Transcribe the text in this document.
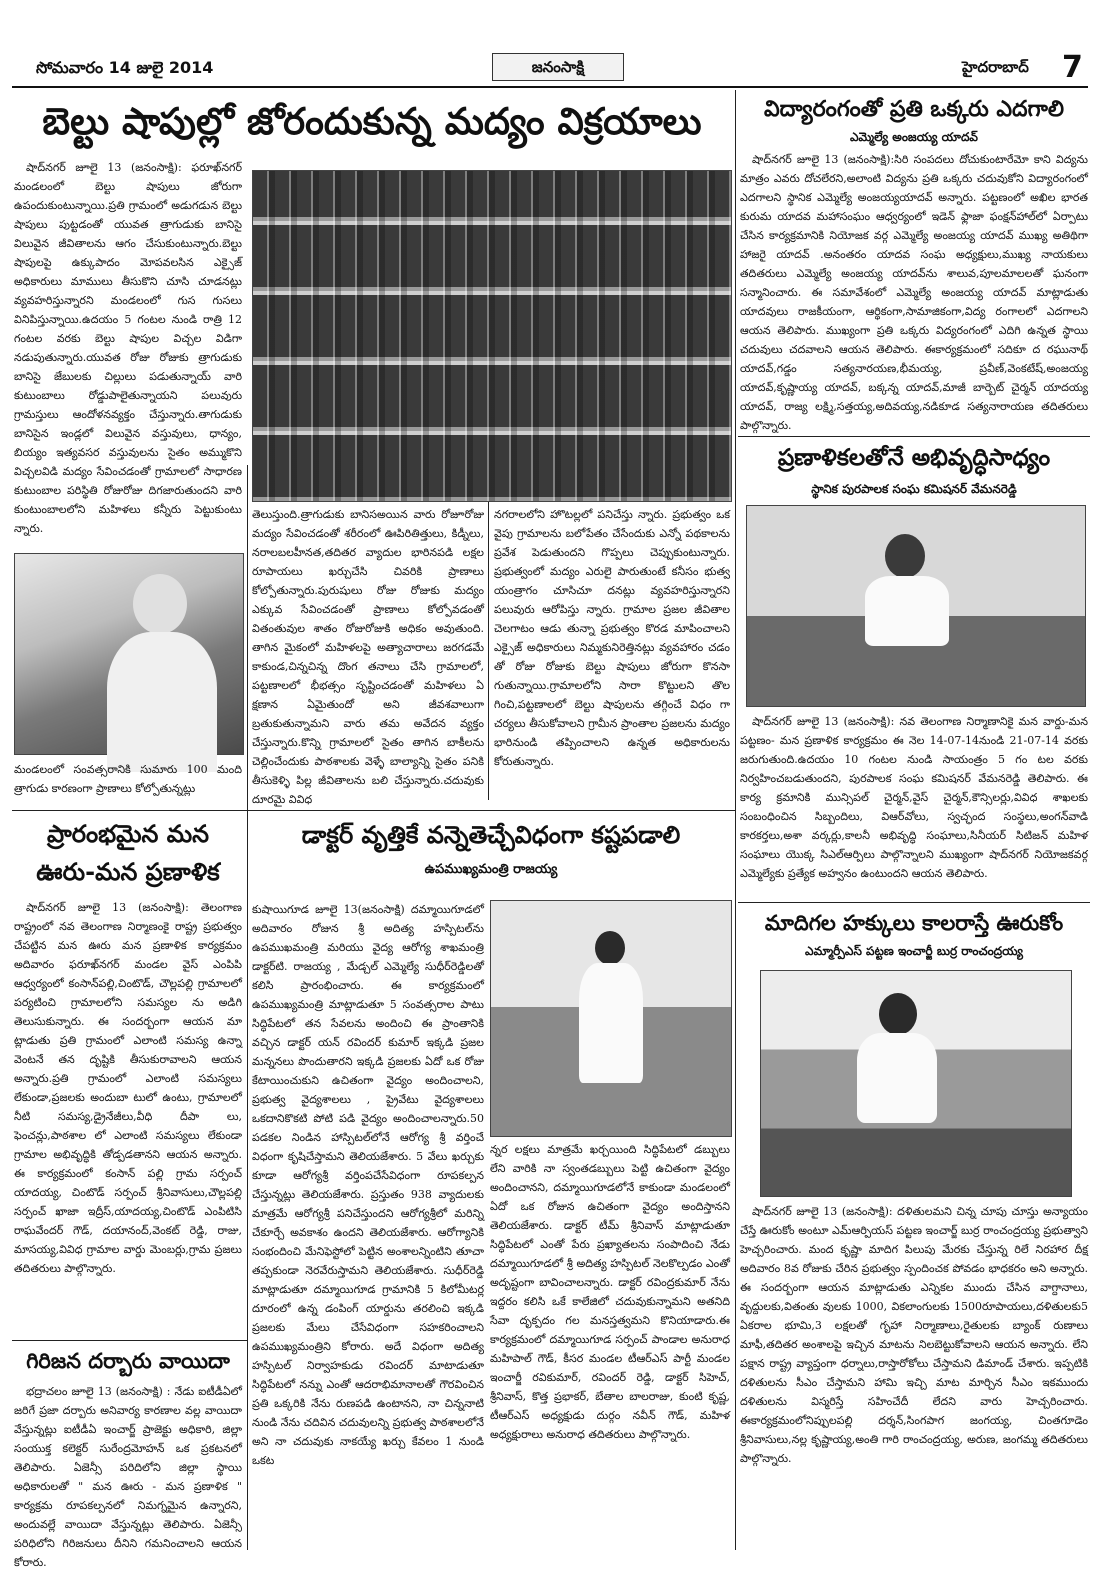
సోమవారం 14 జులై 2014	జనంసాక్షి	హైదరాబాద్ 7
బెల్టు షాపుల్లో జోరందుకున్న మద్యం విక్రయాలు

షాద్‌నగర్ జూలై 13 (జనంసాక్షి): ఫరూఖ్‌నగర్ మండలంలో బెల్టు షాపులు జోరుగా ఉపందుకుంటున్నాయి.ప్రతి గ్రామంలో అడుగడున బెల్టు షాపులు పుట్టడంతో యువత త్రాగుడుకు బానిసై విలువైన జీవితాలను ఆగం చేసుకుంటున్నారు.బెల్టు షాపులపై ఉక్కుపాదం మోపవలసిన ఎక్సైజ్ అధికారులు మాములు తీసుకొని చూసి చూడనట్లు వ్యవహరిస్తున్నారని మండలంలో గుస గుసలు వినిపిస్తున్నాయి.ఉదయం 5 గంటల నుండి రాత్రి 12 గంటల వరకు బెల్టు షాపుల విచ్చల విడిగా నడుపుతున్నారు.యువత రోజు రోజుకు త్రాగుడుకు బానిసై జేబులకు చిల్లులు పడుతున్నాయ్ వారి కుటుంబాలు రోడ్డుపాలైతున్నాయని పలువురు గ్రామస్తులు ఆందోళనవ్యక్తం చేస్తున్నారు.తాగుడుకు బానిసైన ఇండ్లలో విలువైన వస్తువులు, ధాన్యం, బియ్యం ఇత్యవసర వస్తువులను సైతం అమ్ముకొని విచ్చలవిడి మద్యం సేవించడంతో గ్రామాలలో సాధారణ కుటుంబాల పరిస్థితి రోజురోజు దిగజారుతుందని వారి కుంటుంబాలలోని మహిళలు కన్నీరు పెట్టుకుంటు న్నారు.

మండలంలో సంవత్సరానికి సుమారు 100 మంది త్రాగుడు కారణంగా ప్రాణాలు కోల్పోతున్నట్లు

తెలుస్తుంది.త్రాగుడుకు బానిసఅయిన వారు రోజూరోజు మద్యం సేవించడంతో శరీరంలో ఊపిరితిత్తులు, కిడ్నీలు, నరాలబలహీనత,తదితర వ్యాదుల భారినపడి లక్షల రూపాయలు ఖర్చుచేసి చివరికి ప్రాణాలు కోల్పోతున్నారు.పురుషులు రోజు రోజుకు మద్యం ఎక్కువ సేవించడంతో ప్రాణాలు కోల్పోవడంతో వితంతువుల శాతం రోజురోజుకి అధికం అవుతుంది. తాగిన మైకంలో మహిళలపై అత్యాచారాలు జరగడమే కాకుండ,చిన్నచిన్న దొంగ తనాలు చేసి గ్రామాలలో, పట్టణాలలో భీభత్సం సృష్టించడంతో మహిళలు ఏ క్షణాన ఏమైతుందో అని జీవశవాలుగా బ్రతుకుతున్నామని వారు తమ అవేదన వ్యక్తం చేస్తున్నారు.కొన్ని గ్రామాలలో సైతం తాగిన బాకీలను చెల్లించేందుకు పాఠశాలకు వెళ్ళే బాల్యాన్ని సైతం పనికి తీసుకెళ్ళి పిల్ల జీవితాలను బలి చేస్తున్నారు.చదువుకు దూరమై వివిధ

నగరాలలోని హొటల్లలో పనిచేస్తు న్నారు. ప్రభుత్వం ఒక వైపు గ్రామాలను బలోపేతం చేసేందుకు ఎన్నో పథకాలను ప్రవేశ పెడుతుందని గొప్పలు చెప్పుకుంటున్నారు. ప్రభుత్వంలో మద్యం ఎరులై పారుతుంటే కనీసం భుత్వ యంత్రాగం చూసిచూ దనట్లు వ్యవహరిస్తున్నారని పలువురు ఆరోపిస్తు న్నారు. గ్రామాల ప్రజల జీవితాల చెలగాటం ఆడు తున్నా ప్రభుత్వం కొరడ మాపించాలని ఎక్సైజ్ అధికారులు నిమ్మకునిరెత్తినట్లు వ్యవహారం చడం తో రోజు రోజుకు బెల్టు షాపులు జోరుగా కొనసా గుతున్నాయి.గ్రామాలలోని సారా కొట్టులని తొల గించి,పట్టణాలలో బెల్టు షాపులను తగ్గించే విధం గా చర్యలు తీసుకోవాలని గ్రామీన ప్రాంతాల ప్రజలను మద్యం భారినుండి తప్పించాలని ఉన్నత అధికారులను కోరుతున్నారు.

విద్యారంగంతో ప్రతి ఒక్కరు ఎదగాలి
ఎమ్మెల్యే అంజయ్య యాదవ్

షాద్‌నగర్ జూలై 13 (జనంసాక్షి):సిరి సంపదలు దోచుకుంటారేమో కాని విద్యను మాత్రం ఎవరు దోచలేరని,అలాంటి విద్యను ప్రతి ఒక్కరు చదువుకోని విద్యారంగంలో ఎదగాలని స్థానిక ఎమ్మెల్యే అంజయ్యయాదవ్ అన్నారు. పట్టణంలో అఖిల భారత కురుమ యాదవ మహాసంఘం ఆధ్వర్యంలో ఇడెన్ ఫ్లాజా ఫంక్షన్‌హాల్‌లో ఏర్పాటు చేసిన కార్యక్రమానికి నియోజక వర్గ ఎమ్మెల్యే అంజయ్య యాదవ్ ముఖ్య అతిథిగా హాజరై యాదవ్ .అనంతరం యాదవ సంఘ అధ్యక్షులు,ముఖ్య నాయకులు తదితరులు ఎమ్మెల్యే అంజయ్య యాదవ్‌ను శాలువ,పూలమాలలతో ఘనంగా సన్మానించారు. ఈ సమావేశంలో ఎమ్మెల్యే అంజయ్య యాదవ్ మాట్లాడుతు యాదవులు రాజకీయంగా, ఆర్థికంగా,సామాజికంగా,విద్య రంగాలలో ఎదగాలని ఆయన తెలిపారు. ముఖ్యంగా ప్రతి ఒక్కరు విద్యరంగంలో ఎదిగి ఉన్నత స్థాయి చదువులు చదవాలని ఆయన తెలిపారు. ఈకార్యక్రమంలో సదికూ ద రఘునాథ్ యాదవ్,గడ్డం సత్యనారయణ,భీమయ్య, ప్రవీణ్,వెంకటేష్,అంజయ్య యాదవ్,కృష్ణాయ్య యాదవ్, బక్కన్న యాదవ్,మాజీ బార్బెట్ చైర్మన్ యాదయ్య యాదవ్, రాజ్య లక్ష్మి,సత్తయ్య,అదివయ్య,నడికూడ సత్యనారాయణ తదితరులు పాల్గొన్నారు.

ప్రణాళికలతోనే అభివృద్ధిసాధ్యం
స్థానిక పురపాలక సంఘ కమిషనర్ వేమనరెడ్డి

షాద్‌నగర్ జూలై 13 (జనంసాక్షి): నవ తెలంగాణ నిర్మాణానికై మన వార్డు-మన పట్టణం- మన ప్రణాళిక కార్యక్రమం ఈ నెల 14-07-14నుండి 21-07-14 వరకు జరుగుతుంది.ఉదయం 10 గంటల నుండి సాయంత్రం 5 గం టల వరకు నిర్వహించబడుతుందని, పురపాలక సంఘ కమిషనర్ వేమనరెడ్డి తెలిపారు. ఈ కార్య క్రమానికి మున్సిపల్ చైర్మన్,వైస్ చైర్మన్,కౌన్సిలర్లు,వివిధ శాఖలకు సంబంధించిన సిబ్బందిలు, విఆర్‌వోలు, స్వచ్ఛంద సంస్థలు,అంగన్‌వాడి కారకర్తలు,అశా వర్కర్లు,కాలనీ అభివృద్ధి సంఘాలు,సినీయర్ సిటిజన్ మహిళ సంఘాలు యొక్క సిఎల్ఆర్పిలు పాల్గొన్నాలని ముఖ్యంగా షాద్‌నగర్ నియోజకవర్గ ఎమ్మెల్యేకు ప్రత్యేక అహ్వనం ఉంటుందని ఆయన తెలిపారు.

మాదిగల హక్కులు కాలరాస్తే ఊరుకోం
ఎమ్మార్పీఎస్ పట్టణ ఇంచార్జీ బుర్ర రాంచంద్రయ్య

షాద్‌నగర్ జూలై 13 (జనంసాక్షి): దళితులమని చిన్న చూపు చూస్తు అన్యాయం చేస్తే ఊరుకోం అంటూ ఎమ్ఆర్పియస్ పట్టణ ఇంచార్జ్ బుర్ర రాంచంద్రయ్య ప్రభుత్వాని హెచ్చరించారు. మంద కృష్ణా మాదిగ పిలుపు మేరకు చేస్తున్న రిలే నిరహార దీక్ష అదివారం 8వ రోజుకు చేరిన ప్రభుత్వం స్పందించక పోవడం భాధకరం అని అన్నారు. ఈ సందర్బంగా ఆయన మాట్లాడుతు ఎన్నికల ముందు చేసిన వాగ్దానాలు, వృద్దులకు,వితంతు వులకు 1000, వికలాంగులకు 1500రూపాయలు,దళితులకు5 ఏకరాల భూమి,3 లక్షలతో గృహా నిర్మాణాలు,రైతులకు బ్యాంక్ రుణాలు మాఫీ,తదితర అంశాలపై ఇచ్చిన మాటను నిలబెట్టుకోవాలని ఆయన అన్నారు. లేని పక్షాన రాష్ట్ర వ్యాప్తంగా ధర్నాలు,రాస్తారోకోలు చేస్తామని డిమాండ్ చేశారు. ఇప్పటికి దళితులను సీఎం చేస్తామని హామి ఇచ్చి మాట మార్చిన సీఎం ఇకముందు దళితులను విస్మరిస్తే సహించేదీ లేదని వారు హెచ్చరించారు. ఈకార్యక్రమంలోనిప్పులపల్లి దర్శన్,సింగపాగ జంగయ్య, చింతగూడెం శ్రీనివాసులు,నల్ల కృష్ణాయ్య,అంతి గారి రాంచంద్రయ్య, అరుణ, జంగమ్మ తదితరులు పాల్గొన్నారు.

ప్రారంభమైన మన
ఊరు-మన ప్రణాళిక

షాద్‌నగర్ జూలై 13 (జనంసాక్షి): తెలంగాణ రాష్ట్రంలో నవ తెలంగాణ నిర్మాణంకై రాష్ట్ర ప్రభుత్వం చేపట్టిన మన ఊరు మన ప్రణాళిక కార్యక్రమం అదివారం ఫరూఖ్‌నగర్ మండల వైస్ ఎంపిపి ఆధ్వర్యంలో కంసాన్‌పల్లి,చింటొడ్, చౌల్లపల్లి గ్రామాలలో పర్యటించి గ్రామాలలోని సమస్యల ను అడిగి తెలుసుకున్నారు. ఈ సందర్బంగా ఆయన మా ట్లాడుతు ప్రతి గ్రామంలో ఎలాంటి సమస్య ఉన్నా వెంటనే తన దృష్టికి తీసుకురావాలని ఆయన అన్నారు.ప్రతి గ్రామంలో ఎలాంటి సమస్యలు లేకుండా,ప్రజలకు అందుబా టులో ఉంటు, గ్రామాలలో నీటి సమస్య,డ్రైనేజీలు,వీధి దీపా లు, ఫెంచన్లు,పాఠశాల లో ఎలాంటి సమస్యలు లేకుండా గ్రామాల అభివృద్ధికి తోడ్పడతానని ఆయన అన్నారు. ఈ కార్యక్రమంలో కంసాన్ పల్లి గ్రామ సర్పంచ్ యాదయ్య, చింటొడ్ సర్పంచ్ శ్రీనివాసులు,చౌల్లపల్లి సర్పంచ్ ఖాజా ఇద్రీస్,యాదయ్య,చింటొడ్ ఎంపిటిసి రాఘవేందర్ గౌడ్, దయానంద్,వెంకట్ రెడ్డి, రాజు, మాసయ్య,వివిధ గ్రామాల వార్డు మెంబర్లు,గ్రామ ప్రజలు తదితరులు పాల్గొన్నారు.

గిరిజన దర్బారు వాయిదా

భద్రాచలం జూలై 13 (జనంసాక్షి) : నేడు ఐటీడీఏలో జరిగే ప్రజా దర్బారు అనివార్య కారణాల వల్ల వాయిదా వేస్తున్నట్లు ఐటీడీఏ ఇంచార్జ్ ప్రాజెక్టు అధికారి, జిల్లా సంయుక్త కలెక్టర్ సురేంద్రమోహన్ ఒక ప్రకటనలో తెలిపారు. ఏజెన్సీ పరిదిలోని జిల్లా స్థాయి అధికారులతో " మన ఊరు - మన ప్రణాళిక " కార్యక్రమ రూపకల్పనలో నిమగ్నమైన ఉన్నారని, అందువల్లే వాయిదా వేస్తున్నట్లు తెలిపారు. ఏజెన్సీ పరిధిలోని గిరిజనులు దీనిని గమనించాలని ఆయన కోరారు.

డాక్టర్ వృత్తికే వన్నెతెచ్చేవిధంగా కష్టపడాలి
ఉపముఖ్యమంత్రి రాజయ్య

కుషాయిగూడ జూలై 13(జనంసాక్షి) దమ్మాయిగూడలో అదివారం రోజున శ్రీ అదిత్య హస్పిటల్‌ను ఉపముఖమంత్రి మరియు వైద్య ఆరోగ్య శాఖమంత్రి డాక్టర్‌టి. రాజయ్య , మేడ్చల్ ఎమ్మెల్యే సుధీర్‌రెడ్డిలతో కలిసి ప్రారంభించారు. ఈ కార్యక్రమంలో ఉపముఖ్యమంత్రి మాట్లాడుతూ 5 సంవత్సరాల పాటు సిద్ధిపేటలో తన సేవలను అందించి ఈ ప్రాంతానికి వచ్చిన డాక్టర్ యన్ రవిందర్ కుమార్ ఇక్కడి ప్రజల మన్ననలు పొందుతారని ఇక్కడి ప్రజలకు ఏదో ఒక రోజు కేటాయించుకుని ఉచితంగా వైద్యం అందించాలని, ప్రభుత్వ వైద్యశాలలు , ప్రైవేటు వైద్యశాలలు ఒకదానికొకటి పోటి పడి వైద్యం అందించాలన్నారు.50 పడకల నిండిన హాస్పిటల్‌లోనే ఆరోగ్య శ్రీ వర్తించే విధంగా కృషిచేస్తామని తెలియజేశారు. 5 వేలు ఖర్చుకు కూడా ఆరోగ్యశ్రీ వర్తింపచేసేవిధంగా రూపకల్పన చేస్తున్నట్లు తెలియజేశారు. ప్రస్తుతం 938 వ్యాదులకు మాత్రమే ఆరోగ్యశ్రీ పనిచేస్తుందని ఆరోగ్యశ్రీలో మరిన్ని చేకూర్చే అవకాశం ఉందని తెలియజేశారు. ఆరోగ్యానికి సంభందించి మేనిఫెస్టోలో పెట్టిన అంశాలన్నింటిని తూచా తప్పకుండా నెరవేరుస్తామని తెలియజేశారు. సుధీర్‌రెడ్డి మాట్లాడుతూ దమ్మాయిగూడ గ్రామానికి 5 కిలోమీటర్ల దూరంలో ఉన్న డంపింగ్ యార్డును తరలించి ఇక్కడి ప్రజలకు మేలు చేసేవిధంగా సహకరించాలని ఉపముఖ్యమంత్రిని కోరారు. అదే విధంగా అదిత్య హస్పిటల్ నిర్వాహకుడు రవిందర్ మాటాడుతూ సిద్ధిపేటలో నన్ను ఎంతో ఆదరాభిమానాలతో గౌరవించిన ప్రతి ఒక్కరికి నేను రుణపడి ఉంటానని, నా చిన్ననాటి నుండి నేను చదివిన చదువులన్ని ప్రభుత్వ పాఠశాలలోనే అని నా చదువుకు నాకయ్యే ఖర్చు కేవలం 1 నుండి ఒకట

న్నర లక్షలు మాత్రమే ఖర్చయింది సిద్ధిపేటలో డబ్బులు లేని వారికి నా స్వంతడబ్బులు పెట్టి ఉచితంగా వైద్యం అందించానని, దమ్మాయిగూడలోనే కాకుండా మండలంలో ఏదో ఒక రోజున ఉచితంగా వైద్యం అందిస్తానని తెలియజేశారు. డాక్టర్ టీమ్ శ్రీనివాస్ మాట్లాడుతూ సిద్ధిపేటలో ఎంతో పేరు ప్రఖ్యాతలను సంపాదించి నేడు దమ్మాయిగూడలో శ్రీ అదిత్య హస్పిటల్ నెలకొల్పడం ఎంతో అదృష్టంగా బావించాలన్నారు. డాక్టర్ రవింద్రకుమార్ నేను ఇద్దరం కలిసి ఒకే కాలేజిలో చదువుకున్నామని అతనిది సేవా దృక్పదం గల మనస్తత్వమని కొనియాడారు.ఈ కార్యక్రమంలో దమ్మాయిగూడ సర్పంచ్ పాండాల అనురాధ మహిపాల్ గౌడ్, కీసర మండల టీఆర్‌ఎస్ పార్టీ మండల ఇంచార్జీ రవికుమార్, రవిందర్ రెడ్డి, డాక్టర్ సిహెచ్, శ్రీనివాస్, కొత్త ప్రభాకర్, బేతాల బాలరాజు, కుంటి కృష్ణ, టీఆర్‌ఎస్ అధ్యక్షుడు దుర్గం నవీన్ గౌడ్, మహిళ అధ్యక్షురాలు అనురాధ తదితరులు పాల్గొన్నారు.
